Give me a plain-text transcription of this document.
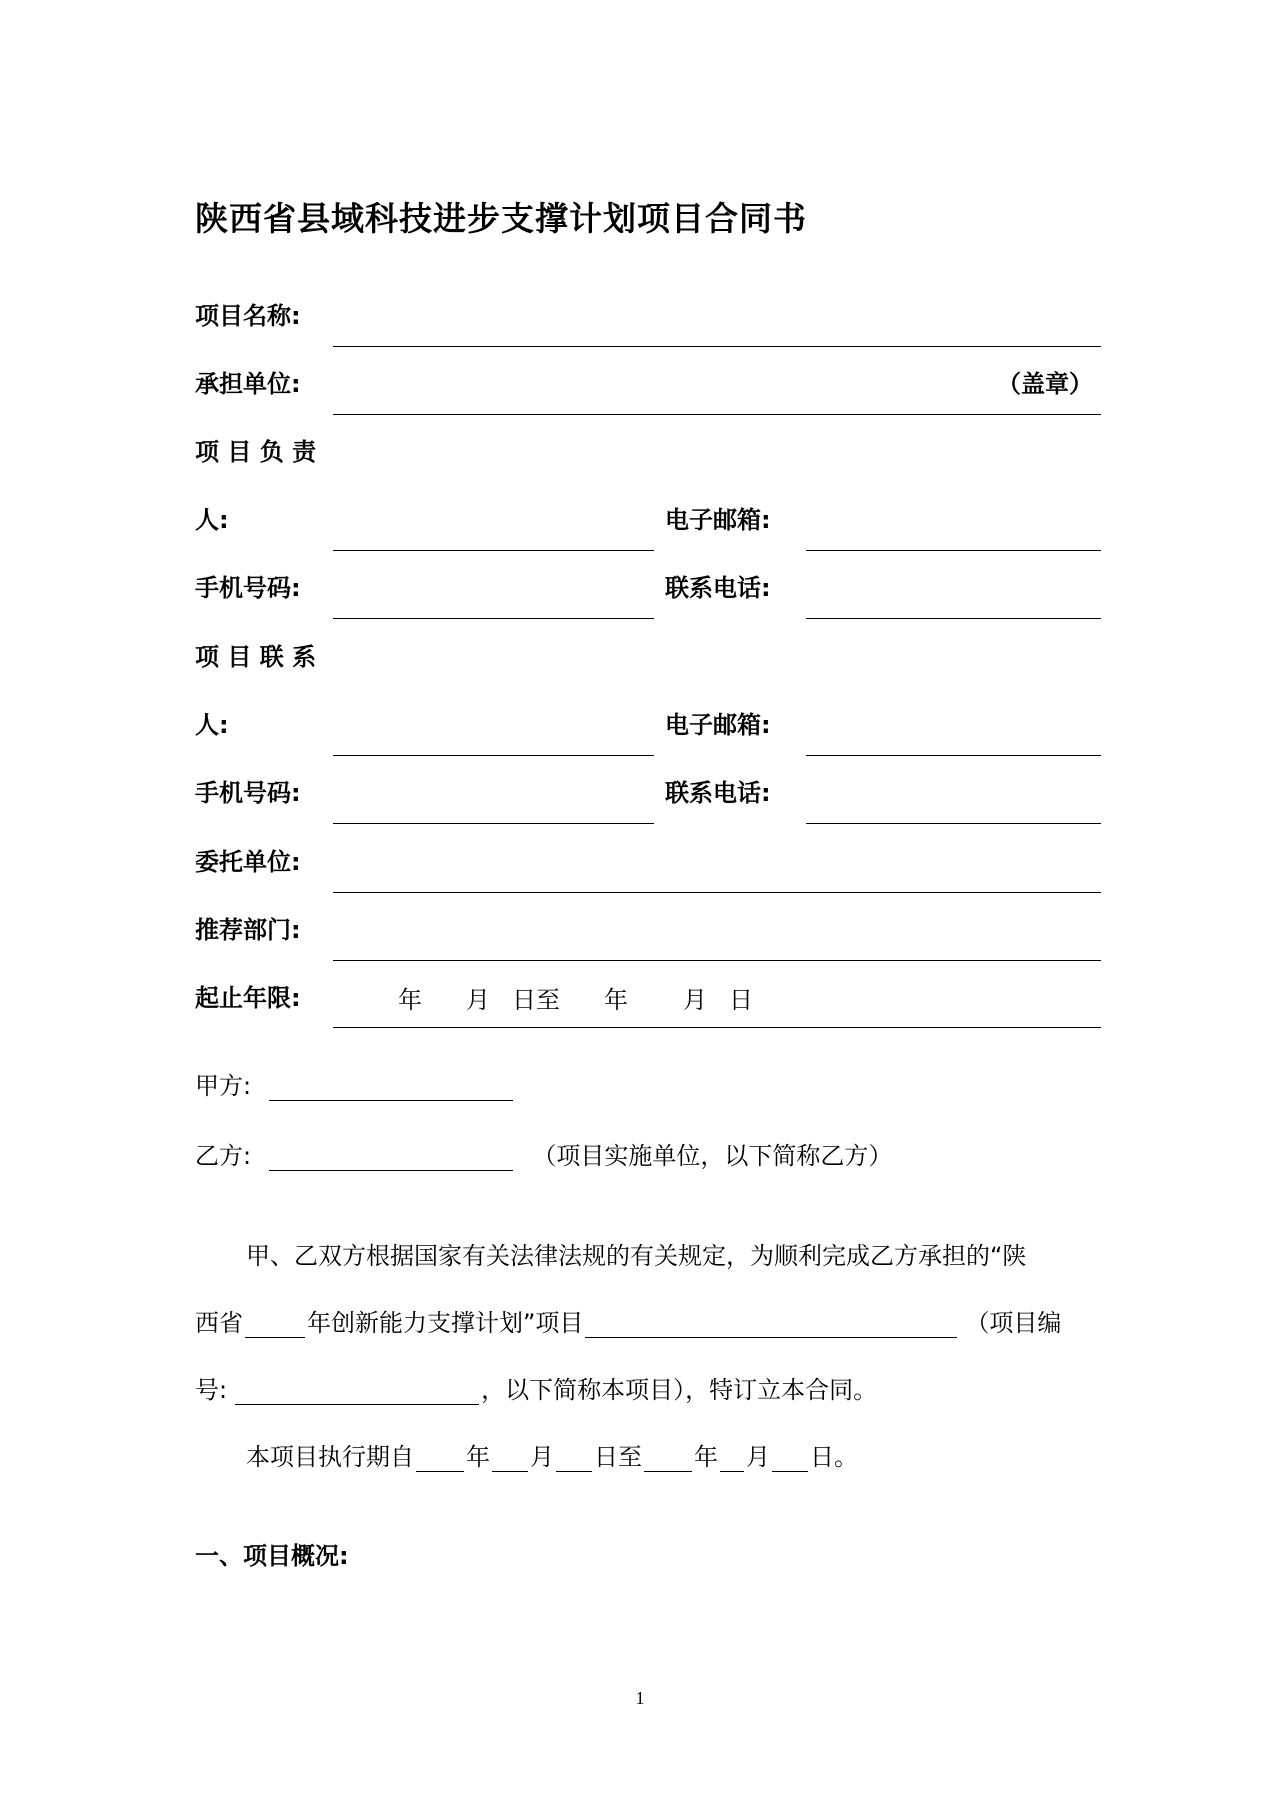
陕西省县域科技进步支撑计划项目合同书
项目名称:
承担单位:	（盖章）
项 目 负 责
人:	电子邮箱:
手机号码:	联系电话:
项 目 联 系
人:	电子邮箱:
手机号码:	联系电话:
委托单位:
推荐部门:
起止年限:	年 月 日至 年 月 日
甲方:
乙方:	（项目实施单位，以下简称乙方）
甲、乙双方根据国家有关法律法规的有关规定，为顺利完成乙方承担的“陕
西省	年创新能力支撑计划”项目	（项目编
号:	，以下简称本项目），特订立本合同。
本项目执行期自 年 月 日至 年 月 日。
一、项目概况:
1
